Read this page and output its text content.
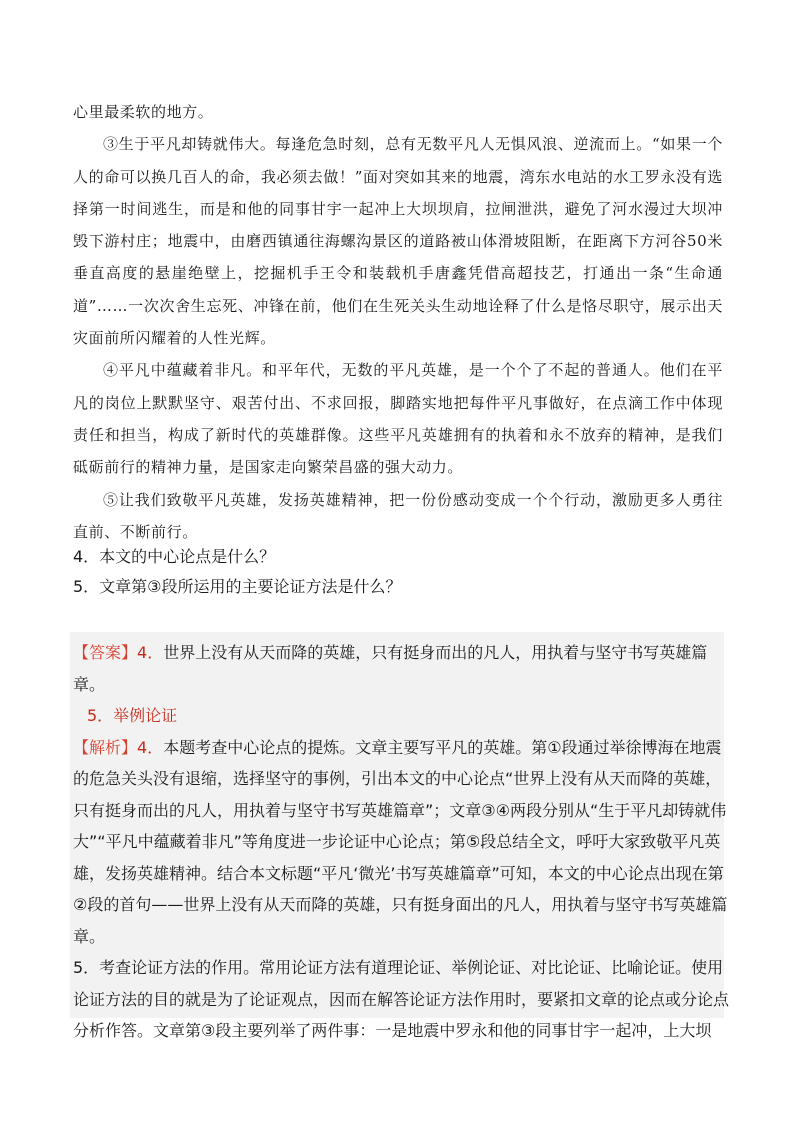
心里最柔软的地方。

③生于平凡却铸就伟大。每逢危急时刻，总有无数平凡人无惧风浪、逆流而上。“如果一个人的命可以换几百人的命，我必须去做！”面对突如其来的地震，湾东水电站的水工罗永没有选择第一时间逃生，而是和他的同事甘宇一起冲上大坝坝肩，拉闸泄洪，避免了河水漫过大坝冲毁下游村庄；地震中，由磨西镇通往海螺沟景区的道路被山体滑坡阻断，在距离下方河谷50米垂直高度的悬崖绝壁上，挖掘机手王令和装载机手唐鑫凭借高超技艺，打通出一条“生命通道”……一次次舍生忘死、冲锋在前，他们在生死关头生动地诠释了什么是恪尽职守，展示出天灾面前所闪耀着的人性光辉。

④平凡中蕴藏着非凡。和平年代，无数的平凡英雄，是一个个了不起的普通人。他们在平凡的岗位上默默坚守、艰苦付出、不求回报，脚踏实地把每件平凡事做好，在点滴工作中体现责任和担当，构成了新时代的英雄群像。这些平凡英雄拥有的执着和永不放弃的精神，是我们砥砺前行的精神力量，是国家走向繁荣昌盛的强大动力。

⑤让我们致敬平凡英雄，发扬英雄精神，把一份份感动变成一个个行动，激励更多人勇往直前、不断前行。

4．本文的中心论点是什么？

5．文章第③段所运用的主要论证方法是什么？

【答案】4．世界上没有从天而降的英雄，只有挺身而出的凡人，用执着与坚守书写英雄篇章。

5．举例论证

【解析】4．本题考查中心论点的提炼。文章主要写平凡的英雄。第①段通过举徐博海在地震的危急关头没有退缩，选择坚守的事例，引出本文的中心论点“世界上没有从天而降的英雄，只有挺身而出的凡人，用执着与坚守书写英雄篇章”；文章③④两段分别从“生于平凡却铸就伟大”“平凡中蕴藏着非凡”等角度进一步论证中心论点；第⑤段总结全文，呼吁大家致敬平凡英雄，发扬英雄精神。结合本文标题“平凡‘微光’书写英雄篇章”可知，本文的中心论点出现在第②段的首句——世界上没有从天而降的英雄，只有挺身面出的凡人，用执着与坚守书写英雄篇章。

5．考查论证方法的作用。常用论证方法有道理论证、举例论证、对比论证、比喻论证。使用论证方法的目的就是为了论证观点，因而在解答论证方法作用时，要紧扣文章的论点或分论点分析作答。文章第③段主要列举了两件事：一是地震中罗永和他的同事甘宇一起冲，上大坝
